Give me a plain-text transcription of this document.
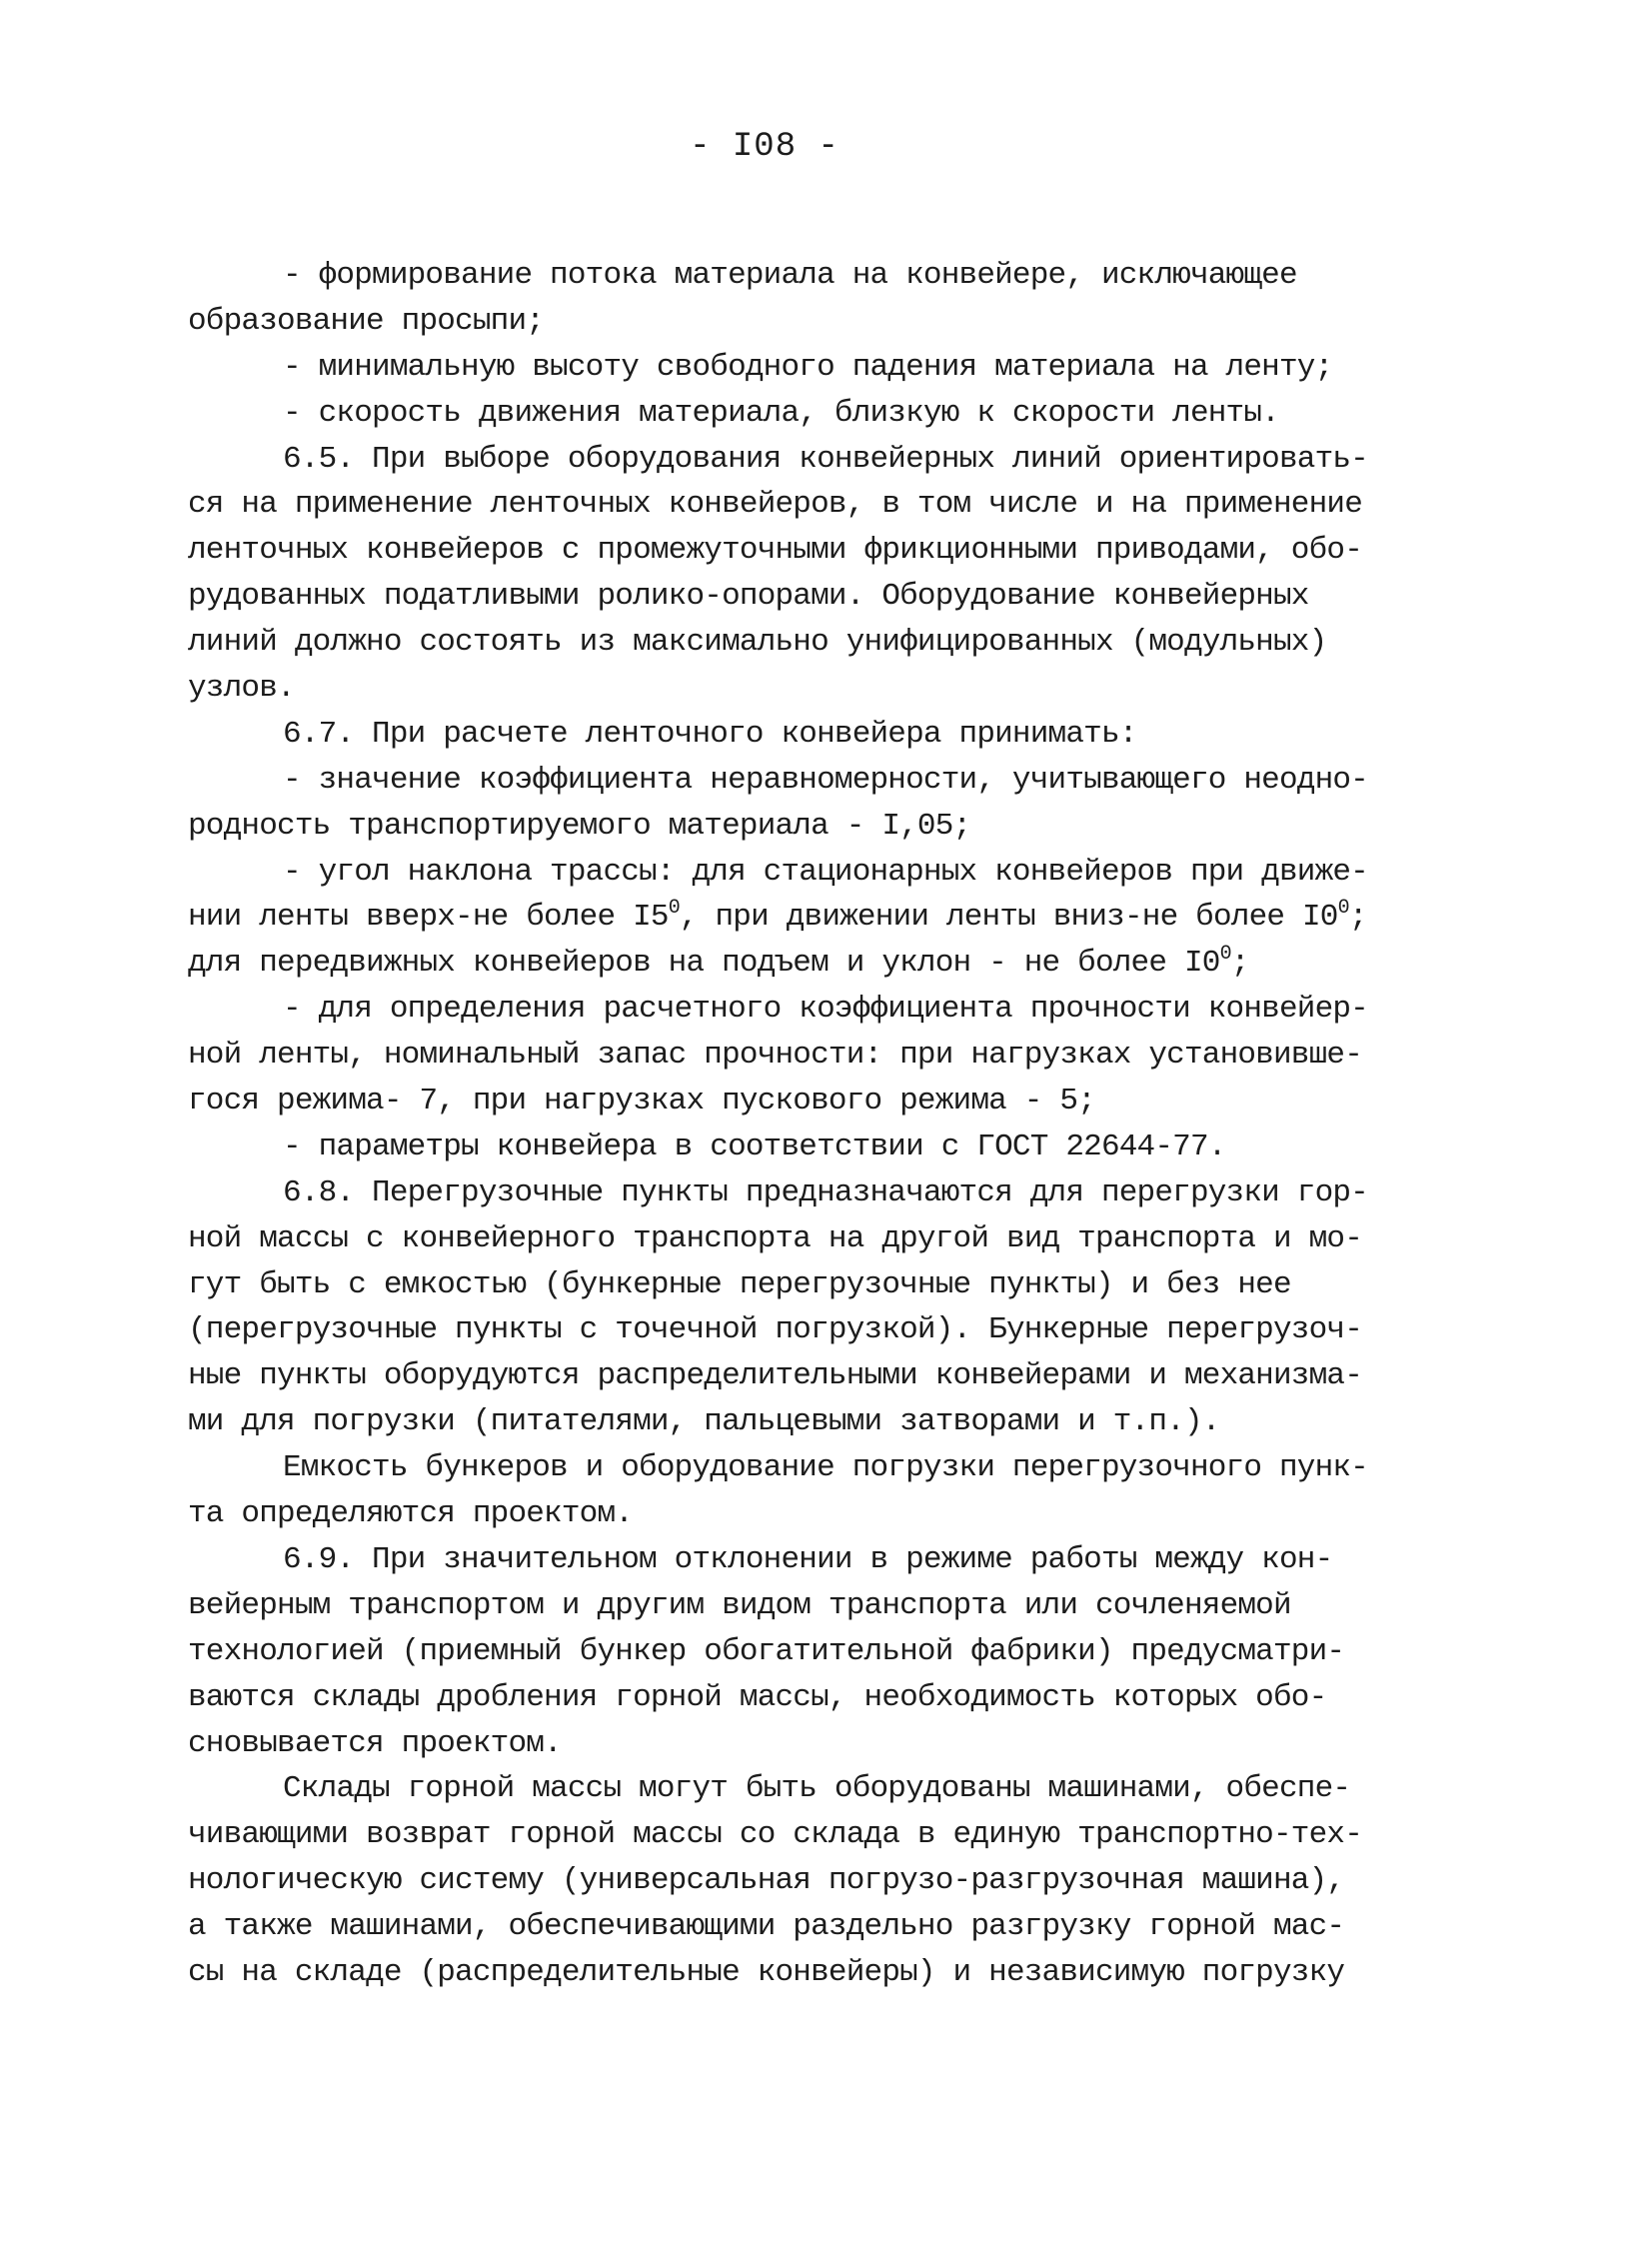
- I08 -
- формирование потока материала на конвейере, исключающее
образование просыпи;
- минимальную высоту свободного падения материала на ленту;
- скорость движения материала, близкую к скорости ленты.
6.5. При выборе оборудования конвейерных линий ориентировать-
ся на применение ленточных конвейеров, в том числе и на применение
ленточных конвейеров с промежуточными фрикционными приводами, обо-
рудованных податливыми ролико-опорами. Оборудование конвейерных
линий должно состоять из максимально унифицированных (модульных)
узлов.
6.7. При расчете ленточного конвейера принимать:
- значение коэффициента неравномерности, учитывающего неодно-
родность транспортируемого материала - I,05;
- угол наклона трассы: для стационарных конвейеров при движе-
нии ленты вверх-не более $I5^0$, при движении ленты вниз-не более $I0^0$;
для передвижных конвейеров на подъем и уклон - не более $I0^0$;
- для определения расчетного коэффициента прочности конвейер-
ной ленты, номинальный запас прочности: при нагрузках установивше-
гося режима- 7, при нагрузках пускового режима - 5;
- параметры конвейера в соответствии с ГОСТ 22644-77.
6.8. Перегрузочные пункты предназначаются для перегрузки гор-
ной массы с конвейерного транспорта на другой вид транспорта и мо-
гут быть с емкостью (бункерные перегрузочные пункты) и без нее
(перегрузочные пункты с точечной погрузкой). Бункерные перегрузоч-
ные пункты оборудуются распределительными конвейерами и механизма-
ми для погрузки (питателями, пальцевыми затворами и т.п.).
Емкость бункеров и оборудование погрузки перегрузочного пунк-
та определяются проектом.
6.9. При значительном отклонении в режиме работы между кон-
вейерным транспортом и другим видом транспорта или сочленяемой
технологией (приемный бункер обогатительной фабрики) предусматри-
ваются склады дробления горной массы, необходимость которых обо-
сновывается проектом.
Склады горной массы могут быть оборудованы машинами, обеспе-
чивающими возврат горной массы со склада в единую транспортно-тех-
нологическую систему (универсальная погрузо-разгрузочная машина),
а также машинами, обеспечивающими раздельно разгрузку горной мас-
сы на складе (распределительные конвейеры) и независимую погрузку
